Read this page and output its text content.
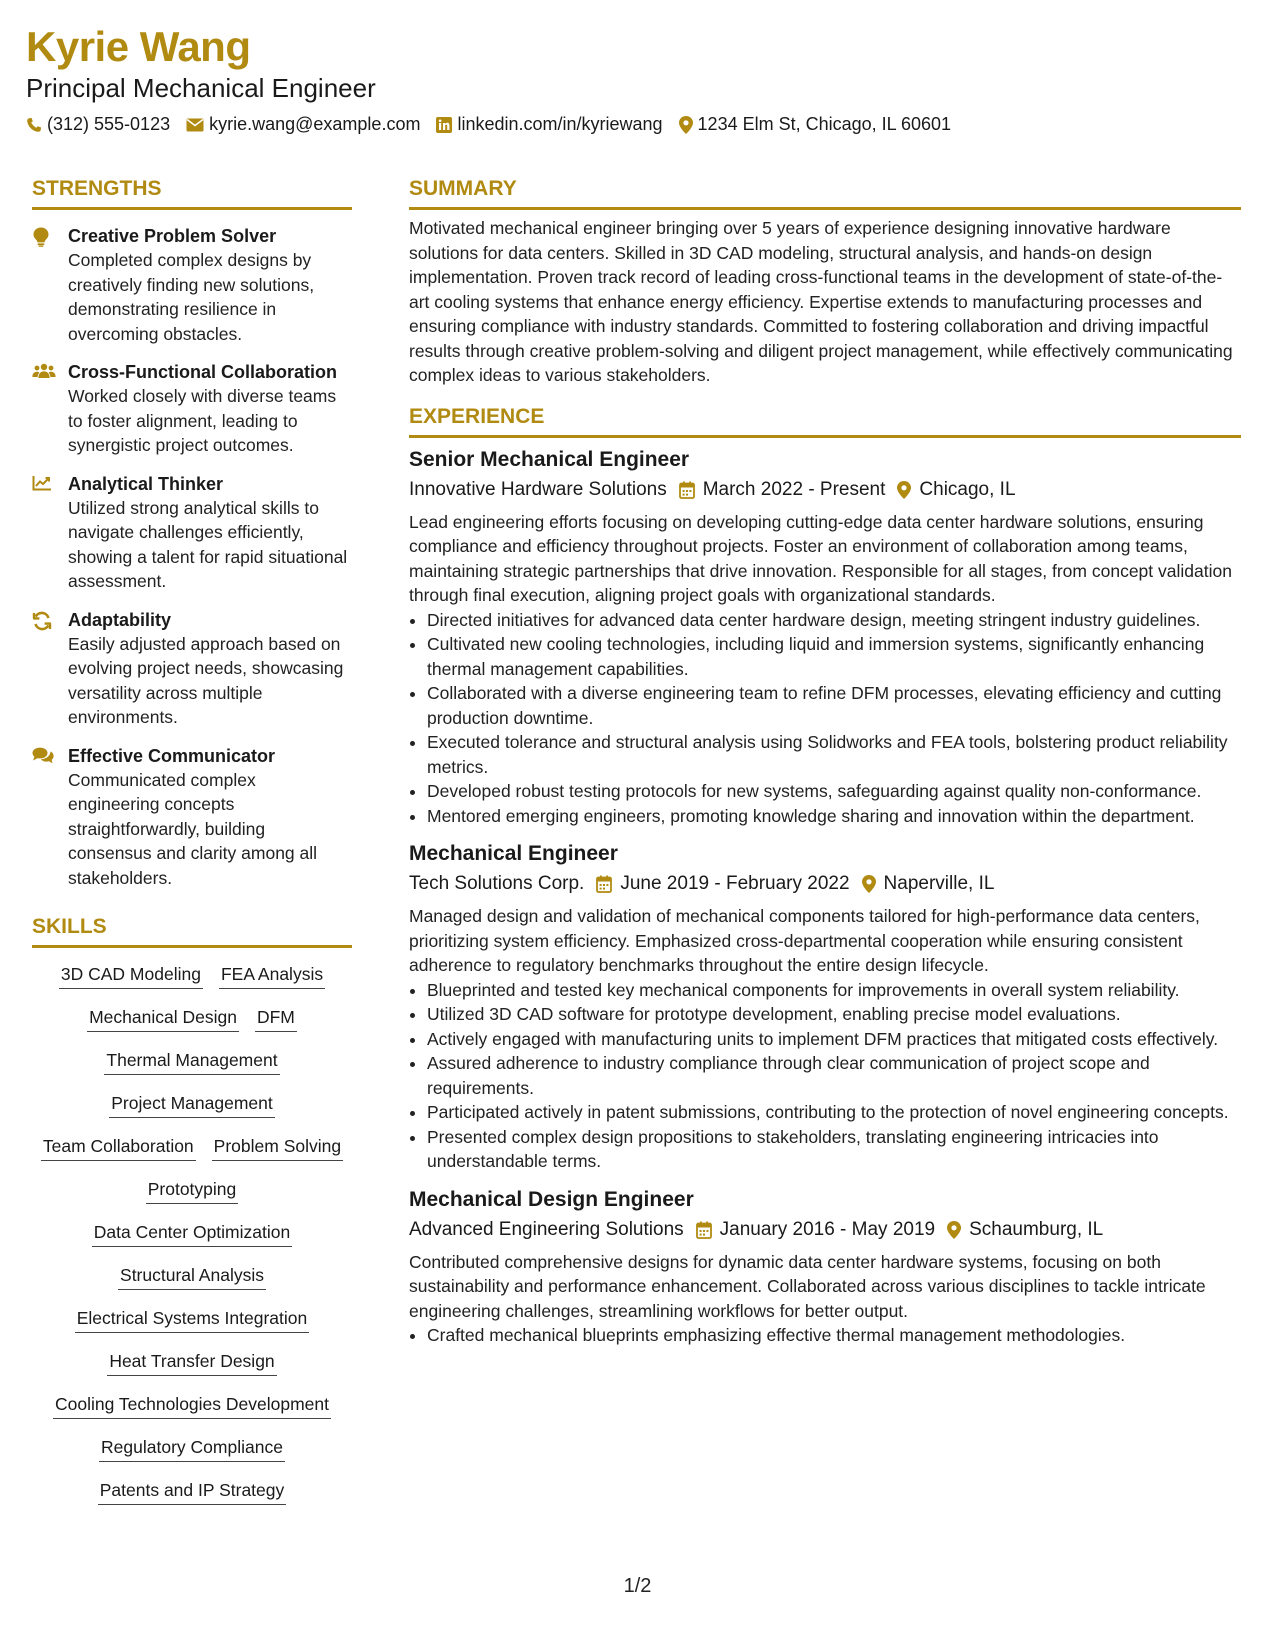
Kyrie Wang
Principal Mechanical Engineer
(312) 555-0123 kyrie.wang@example.com linkedin.com/in/kyriewang 1234 Elm St, Chicago, IL 60601
STRENGTHS
Creative Problem Solver
Completed complex designs by creatively finding new solutions, demonstrating resilience in overcoming obstacles.
Cross-Functional Collaboration
Worked closely with diverse teams to foster alignment, leading to synergistic project outcomes.
Analytical Thinker
Utilized strong analytical skills to navigate challenges efficiently, showing a talent for rapid situational assessment.
Adaptability
Easily adjusted approach based on evolving project needs, showcasing versatility across multiple environments.
Effective Communicator
Communicated complex engineering concepts straightforwardly, building consensus and clarity among all stakeholders.
SKILLS
3D CAD Modeling FEA Analysis
Mechanical Design DFM
Thermal Management
Project Management
Team Collaboration Problem Solving
Prototyping
Data Center Optimization
Structural Analysis
Electrical Systems Integration
Heat Transfer Design
Cooling Technologies Development
Regulatory Compliance
Patents and IP Strategy
SUMMARY
Motivated mechanical engineer bringing over 5 years of experience designing innovative hardware solutions for data centers. Skilled in 3D CAD modeling, structural analysis, and hands-on design implementation. Proven track record of leading cross-functional teams in the development of state-of-the-art cooling systems that enhance energy efficiency. Expertise extends to manufacturing processes and ensuring compliance with industry standards. Committed to fostering collaboration and driving impactful results through creative problem-solving and diligent project management, while effectively communicating complex ideas to various stakeholders.
EXPERIENCE
Senior Mechanical Engineer
Innovative Hardware Solutions March 2022 - Present Chicago, IL
Lead engineering efforts focusing on developing cutting-edge data center hardware solutions, ensuring compliance and efficiency throughout projects. Foster an environment of collaboration among teams, maintaining strategic partnerships that drive innovation. Responsible for all stages, from concept validation through final execution, aligning project goals with organizational standards.
• Directed initiatives for advanced data center hardware design, meeting stringent industry guidelines.
• Cultivated new cooling technologies, including liquid and immersion systems, significantly enhancing thermal management capabilities.
• Collaborated with a diverse engineering team to refine DFM processes, elevating efficiency and cutting production downtime.
• Executed tolerance and structural analysis using Solidworks and FEA tools, bolstering product reliability metrics.
• Developed robust testing protocols for new systems, safeguarding against quality non-conformance.
• Mentored emerging engineers, promoting knowledge sharing and innovation within the department.
Mechanical Engineer
Tech Solutions Corp. June 2019 - February 2022 Naperville, IL
Managed design and validation of mechanical components tailored for high-performance data centers, prioritizing system efficiency. Emphasized cross-departmental cooperation while ensuring consistent adherence to regulatory benchmarks throughout the entire design lifecycle.
• Blueprinted and tested key mechanical components for improvements in overall system reliability.
• Utilized 3D CAD software for prototype development, enabling precise model evaluations.
• Actively engaged with manufacturing units to implement DFM practices that mitigated costs effectively.
• Assured adherence to industry compliance through clear communication of project scope and requirements.
• Participated actively in patent submissions, contributing to the protection of novel engineering concepts.
• Presented complex design propositions to stakeholders, translating engineering intricacies into understandable terms.
Mechanical Design Engineer
Advanced Engineering Solutions January 2016 - May 2019 Schaumburg, IL
Contributed comprehensive designs for dynamic data center hardware systems, focusing on both sustainability and performance enhancement. Collaborated across various disciplines to tackle intricate engineering challenges, streamlining workflows for better output.
• Crafted mechanical blueprints emphasizing effective thermal management methodologies.
1/2
